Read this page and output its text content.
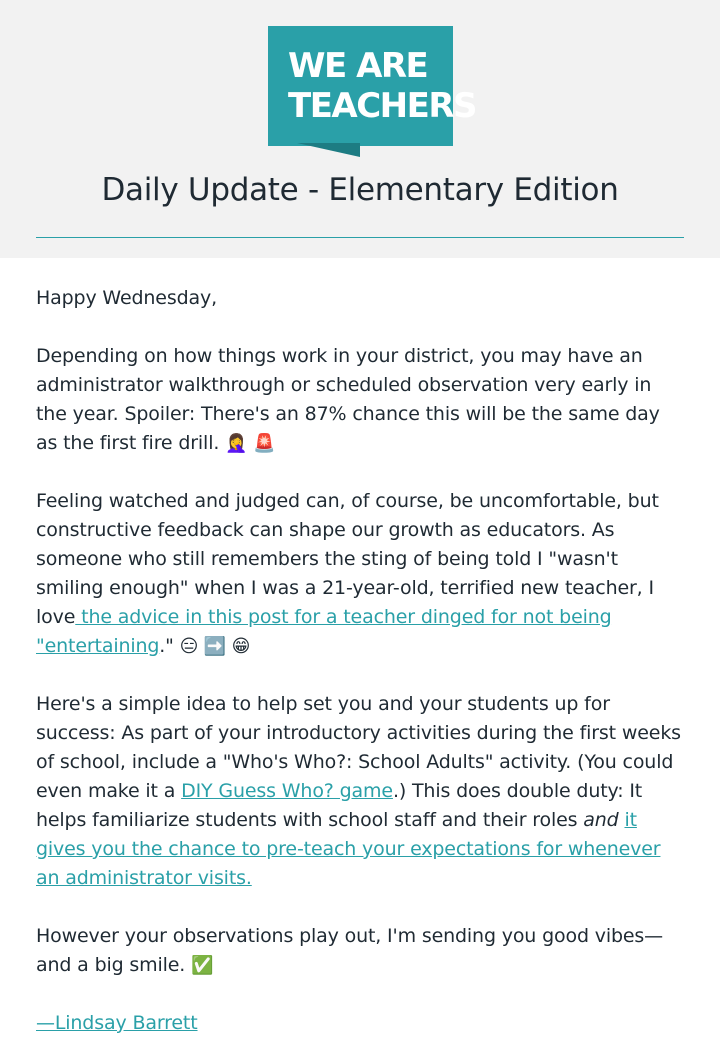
WE ARE
TEACHERS
Daily Update - Elementary Edition

Happy Wednesday,

Depending on how things work in your district, you may have an administrator walkthrough or scheduled observation very early in the year. Spoiler: There's an 87% chance this will be the same day as the first fire drill. 🤦‍♀️ 🚨

Feeling watched and judged can, of course, be uncomfortable, but constructive feedback can shape our growth as educators. As someone who still remembers the sting of being told I "wasn't smiling enough" when I was a 21-year-old, terrified new teacher, I love the advice in this post for a teacher dinged for not being "entertaining." 😑 ➡️ 😁

Here's a simple idea to help set you and your students up for success: As part of your introductory activities during the first weeks of school, include a "Who's Who?: School Adults" activity. (You could even make it a DIY Guess Who? game.) This does double duty: It helps familiarize students with school staff and their roles and it gives you the chance to pre-teach your expectations for whenever an administrator visits.

However your observations play out, I'm sending you good vibes—and a big smile. ✅

—Lindsay Barrett
